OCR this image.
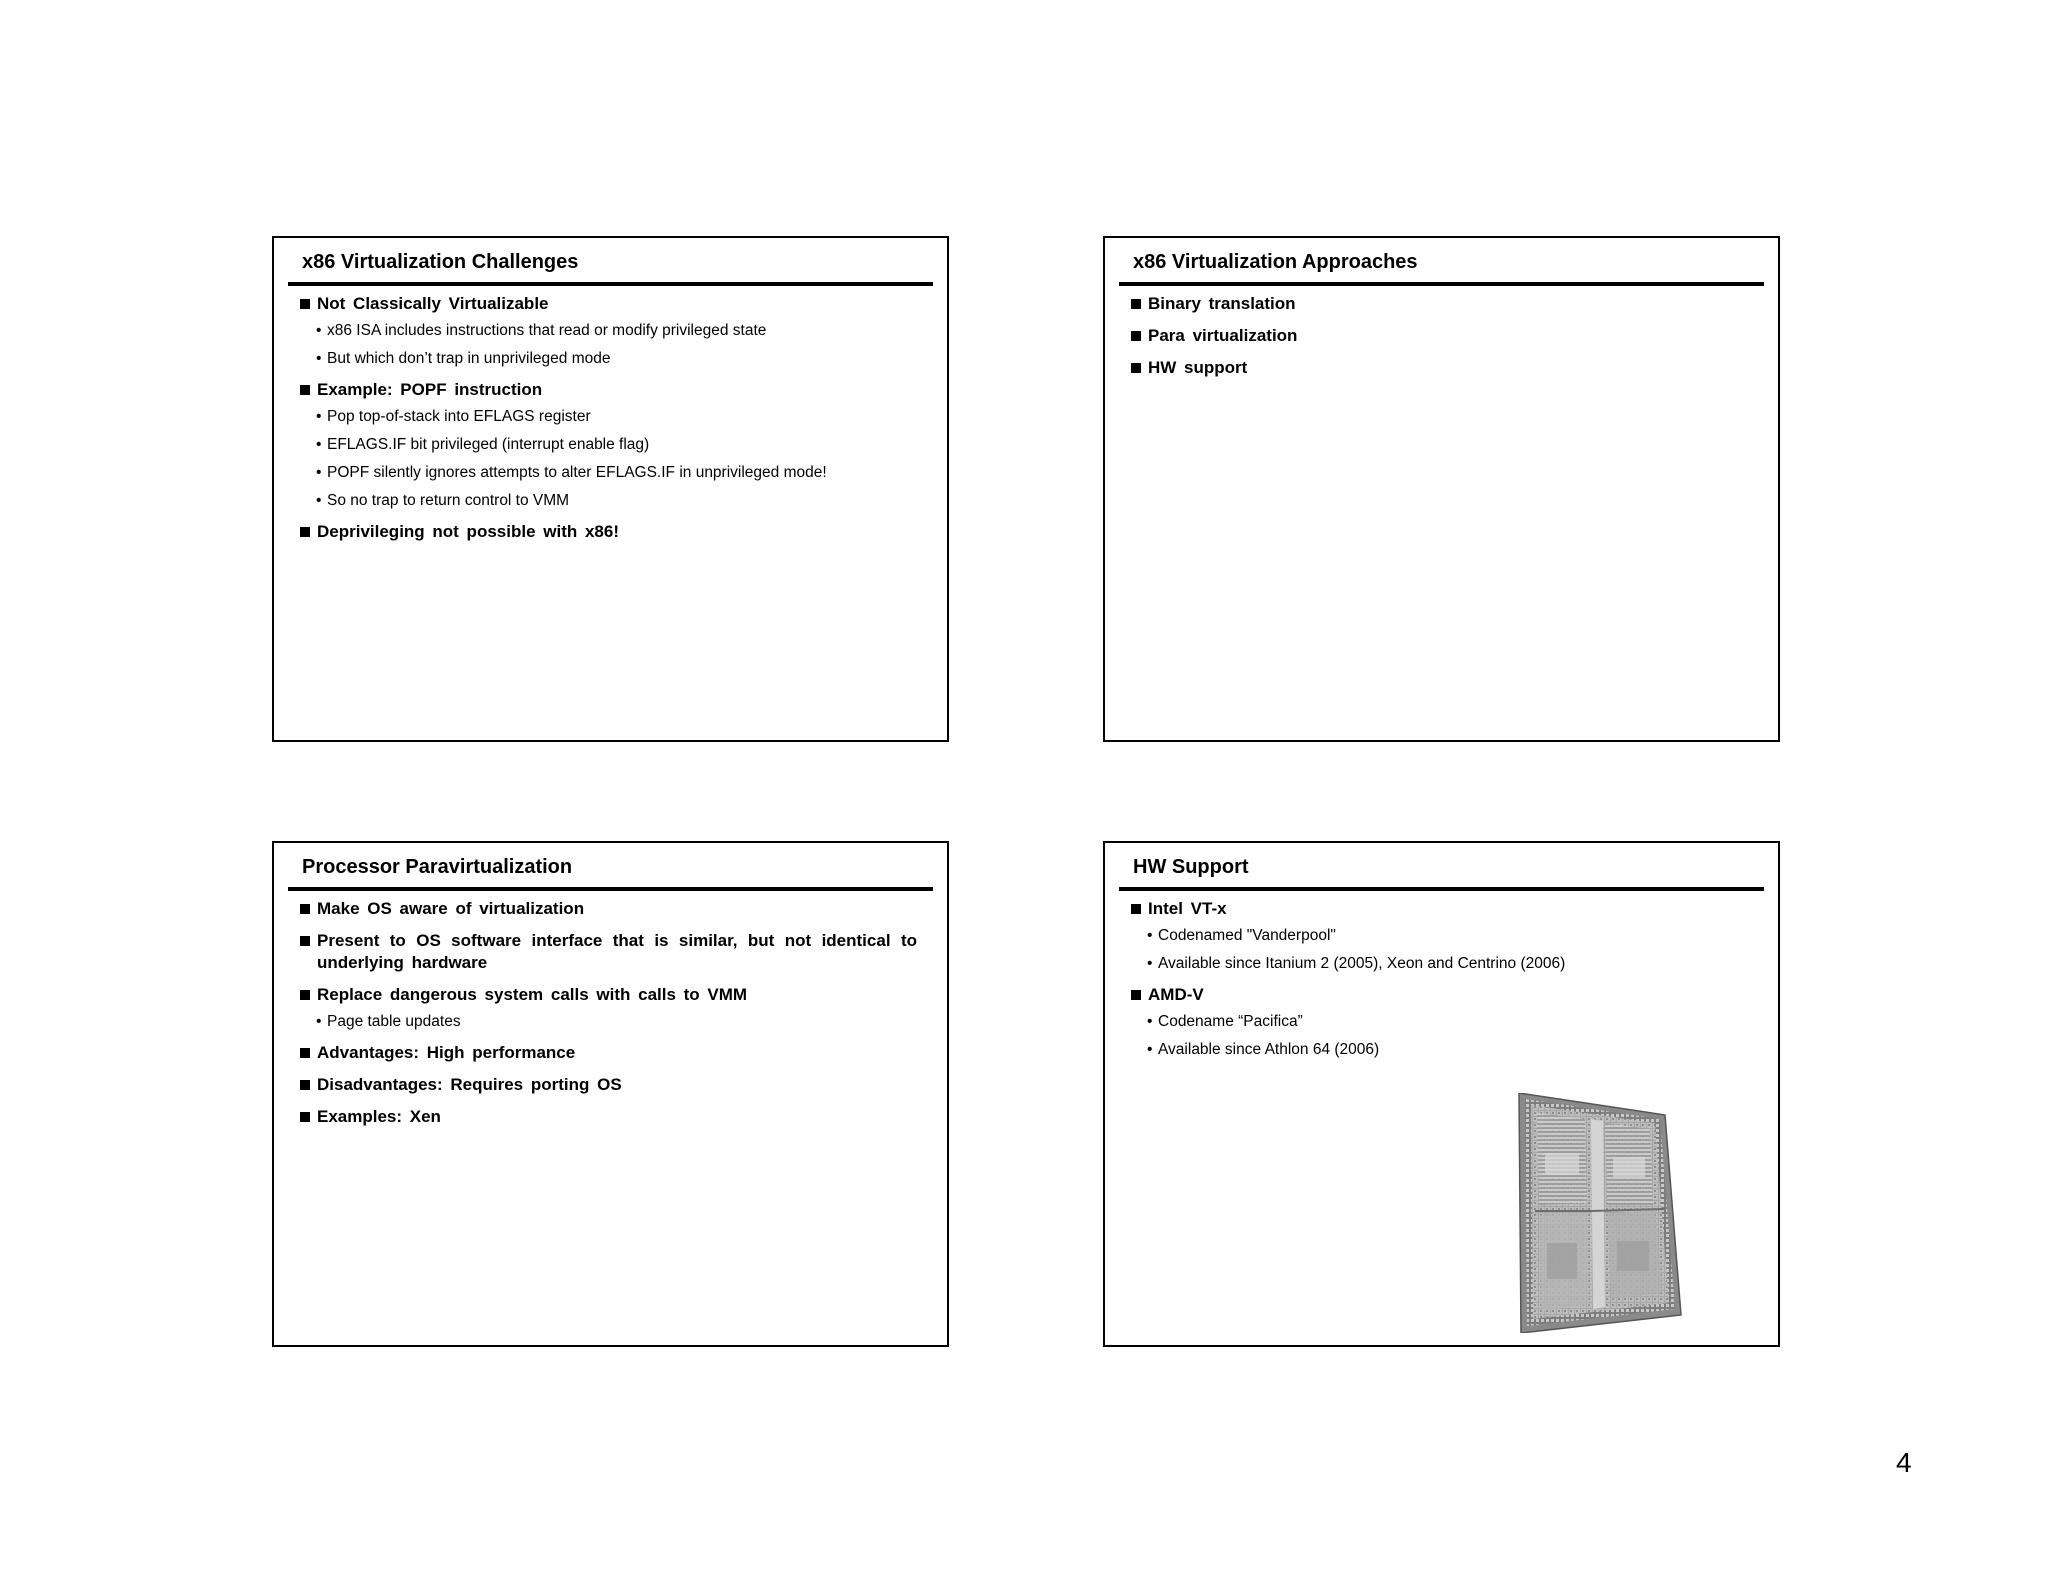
x86 Virtualization Challenges
Not Classically Virtualizable
• x86 ISA includes instructions that read or modify privileged state
• But which don’t trap in unprivileged mode
Example: POPF instruction
• Pop top-of-stack into EFLAGS register
• EFLAGS.IF bit privileged (interrupt enable flag)
• POPF silently ignores attempts to alter EFLAGS.IF in unprivileged mode!
• So no trap to return control to VMM
Deprivileging not possible with x86!
x86 Virtualization Approaches
Binary translation
Para virtualization
HW support
Processor Paravirtualization
Make OS aware of virtualization
Present to OS software interface that is similar, but not identical to underlying hardware
Replace dangerous system calls with calls to VMM
• Page table updates
Advantages: High performance
Disadvantages: Requires porting OS
Examples: Xen
HW Support
Intel VT-x
• Codenamed "Vanderpool"
• Available since Itanium 2 (2005), Xeon and Centrino (2006)
AMD-V
• Codename “Pacifica”
• Available since Athlon 64 (2006)
4
